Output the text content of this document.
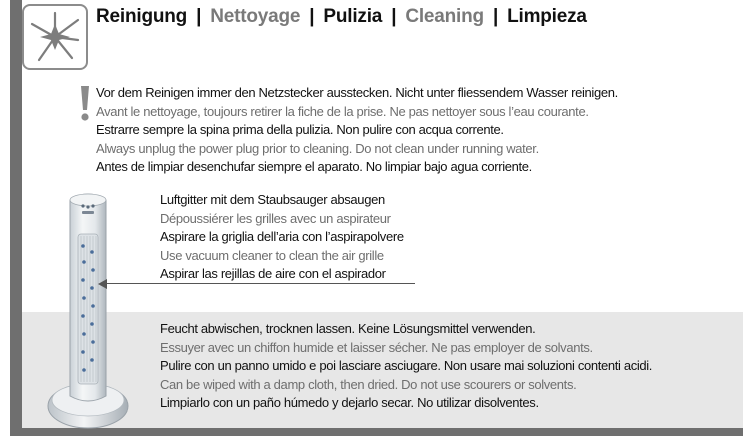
Reinigung | Nettoyage | Pulizia | Cleaning | Limpieza
Vor dem Reinigen immer den Netzstecker ausstecken. Nicht unter fliessendem Wasser reinigen.
Avant le nettoyage, toujours retirer la fiche de la prise. Ne pas nettoyer sous l’eau courante.
Estrarre sempre la spina prima della pulizia. Non pulire con acqua corrente.
Always unplug the power plug prior to cleaning. Do not clean under running water.
Antes de limpiar desenchufar siempre el aparato. No limpiar bajo agua corriente.
Luftgitter mit dem Staubsauger absaugen
Dépoussiérer les grilles avec un aspirateur
Aspirare la griglia dell’aria con l’aspirapolvere
Use vacuum cleaner to clean the air grille
Aspirar las rejillas de aire con el aspirador
Feucht abwischen, trocknen lassen. Keine Lösungsmittel verwenden.
Essuyer avec un chiffon humide et laisser sécher. Ne pas employer de solvants.
Pulire con un panno umido e poi lasciare asciugare. Non usare mai soluzioni contenti acidi.
Can be wiped with a damp cloth, then dried. Do not use scourers or solvents.
Limpiarlo con un paño húmedo y dejarlo secar. No utilizar disolventes.
